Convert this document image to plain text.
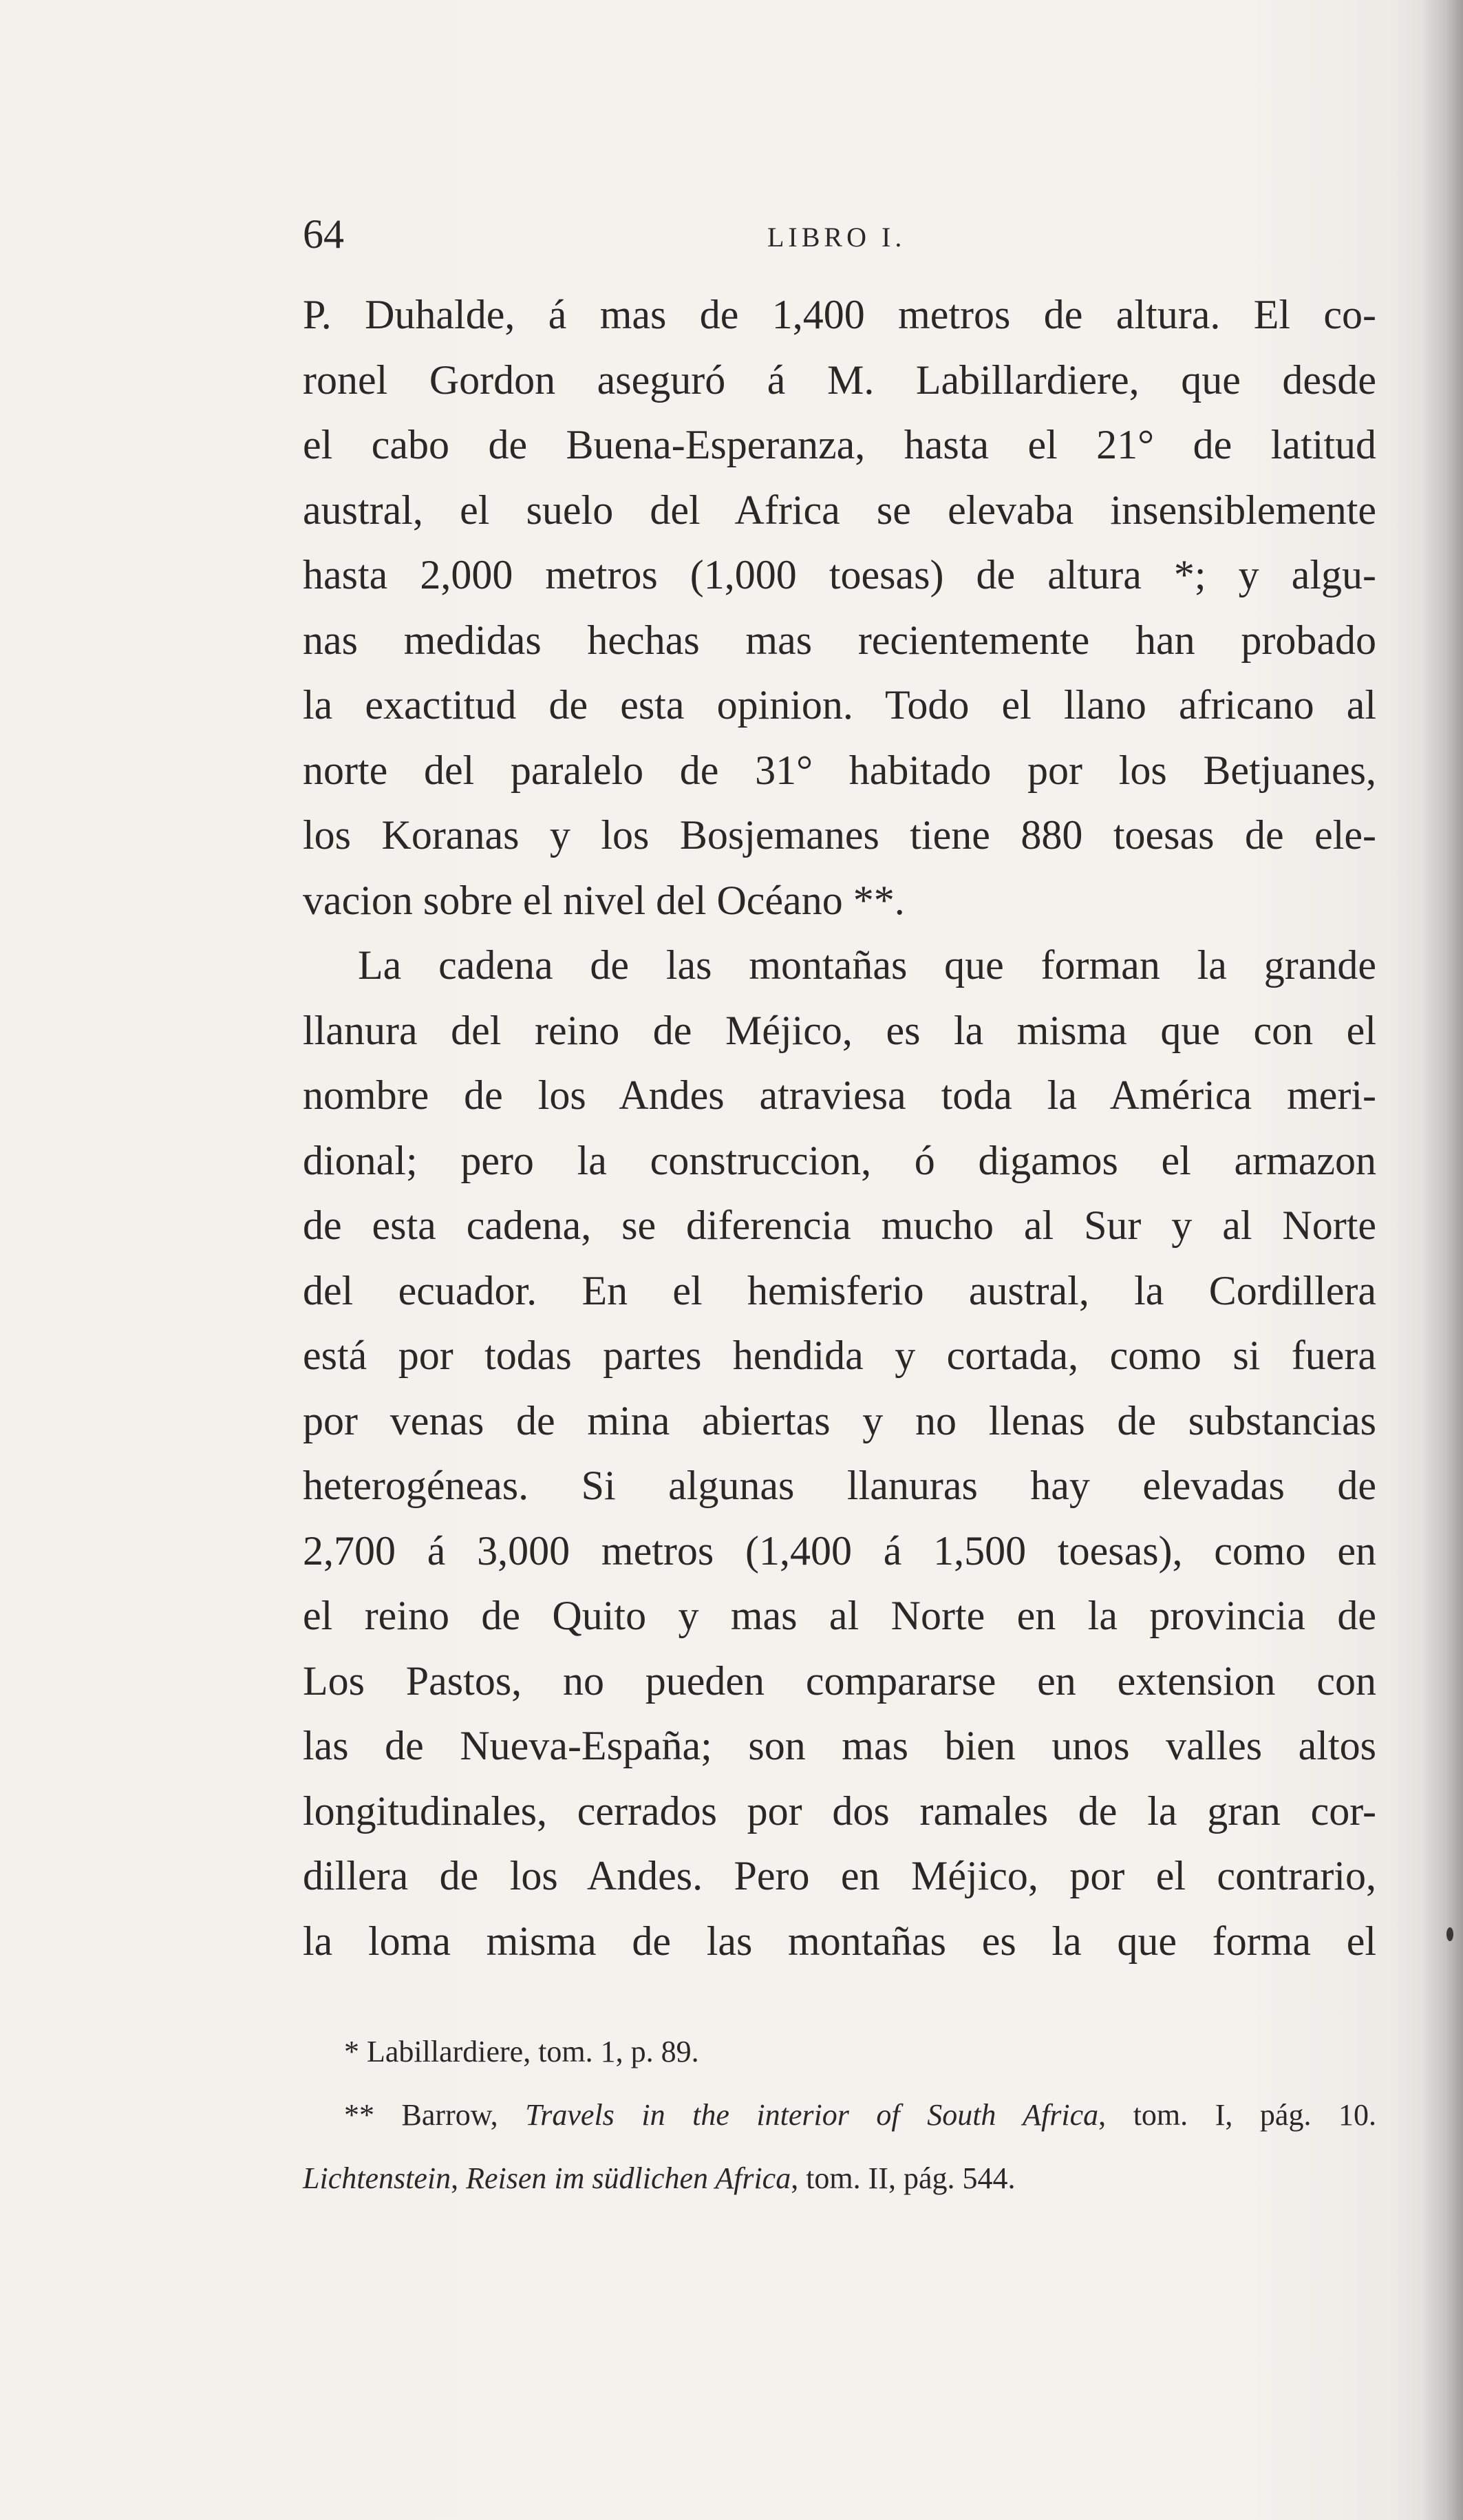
64	LIBRO I.
P. Duhalde, á mas de 1,400 metros de altura. El co-
ronel Gordon aseguró á M. Labillardiere, que desde
el cabo de Buena-Esperanza, hasta el 21° de latitud
austral, el suelo del Africa se elevaba insensiblemente
hasta 2,000 metros (1,000 toesas) de altura *; y algu-
nas medidas hechas mas recientemente han probado
la exactitud de esta opinion. Todo el llano africano al
norte del paralelo de 31° habitado por los Betjuanes,
los Koranas y los Bosjemanes tiene 880 toesas de ele-
vacion sobre el nivel del Océano **.
La cadena de las montañas que forman la grande
llanura del reino de Méjico, es la misma que con el
nombre de los Andes atraviesa toda la América meri-
dional; pero la construccion, ó digamos el armazon
de esta cadena, se diferencia mucho al Sur y al Norte
del ecuador. En el hemisferio austral, la Cordillera
está por todas partes hendida y cortada, como si fuera
por venas de mina abiertas y no llenas de substancias
heterogéneas. Si algunas llanuras hay elevadas de
2,700 á 3,000 metros (1,400 á 1,500 toesas), como en
el reino de Quito y mas al Norte en la provincia de
Los Pastos, no pueden compararse en extension con
las de Nueva-España; son mas bien unos valles altos
longitudinales, cerrados por dos ramales de la gran cor-
dillera de los Andes. Pero en Méjico, por el contrario,
la loma misma de las montañas es la que forma el
* Labillardiere, tom. 1, p. 89.
** Barrow, Travels in the interior of South Africa, tom. I, pág. 10.
Lichtenstein, Reisen im südlichen Africa, tom. II, pág. 544.
